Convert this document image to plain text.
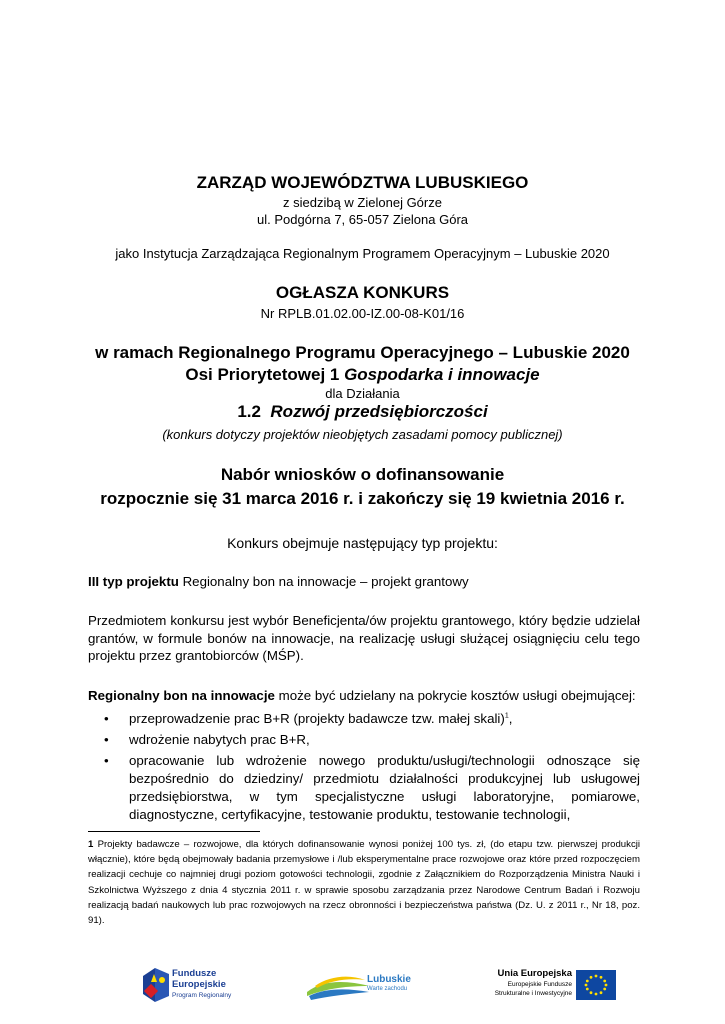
ZARZĄD WOJEWÓDZTWA LUBUSKIEGO
z siedzibą w Zielonej Górze
ul. Podgórna 7, 65-057 Zielona Góra
jako Instytucja Zarządzająca Regionalnym Programem Operacyjnym – Lubuskie 2020
OGŁASZA KONKURS
Nr RPLB.01.02.00-IZ.00-08-K01/16
w ramach Regionalnego Programu Operacyjnego – Lubuskie 2020
Osi Priorytetowej 1 Gospodarka i innowacje
dla Działania
1.2 Rozwój przedsiębiorczości
(konkurs dotyczy projektów nieobjętych zasadami pomocy publicznej)
Nabór wniosków o dofinansowanie
rozpocznie się 31 marca 2016 r. i zakończy się 19 kwietnia 2016 r.
Konkurs obejmuje następujący typ projektu:
III typ projektu Regionalny bon na innowacje – projekt grantowy
Przedmiotem konkursu jest wybór Beneficjenta/ów projektu grantowego, który będzie udzielał grantów, w formule bonów na innowacje, na realizację usługi służącej osiągnięciu celu tego projektu przez grantobiorców (MŚP).
Regionalny bon na innowacje może być udzielany na pokrycie kosztów usługi obejmującej:
• przeprowadzenie prac B+R (projekty badawcze tzw. małej skali)$^1$,
• wdrożenie nabytych prac B+R,
• opracowanie lub wdrożenie nowego produktu/usługi/technologii odnoszące się bezpośrednio do dziedziny/ przedmiotu działalności produkcyjnej lub usługowej przedsiębiorstwa, w tym specjalistyczne usługi laboratoryjne, pomiarowe, diagnostyczne, certyfikacyjne, testowanie produktu, testowanie technologii,
1 Projekty badawcze – rozwojowe, dla których dofinansowanie wynosi poniżej 100 tys. zł, (do etapu tzw. pierwszej produkcji włącznie), które będą obejmowały badania przemysłowe i /lub eksperymentalne prace rozwojowe oraz które przed rozpoczęciem realizacji cechuje co najmniej drugi poziom gotowości technologii, zgodnie z Załącznikiem do Rozporządzenia Ministra Nauki i Szkolnictwa Wyższego z dnia 4 stycznia 2011 r. w sprawie sposobu zarządzania przez Narodowe Centrum Badań i Rozwoju realizacją badań naukowych lub prac rozwojowych na rzecz obronności i bezpieczeństwa państwa (Dz. U. z 2011 r., Nr 18, poz. 91).
Fundusze
Europejskie
Program Regionalny
Lubuskie
Warte zachodu
Unia Europejska
Europejskie Fundusze
Strukturalne i Inwestycyjne
